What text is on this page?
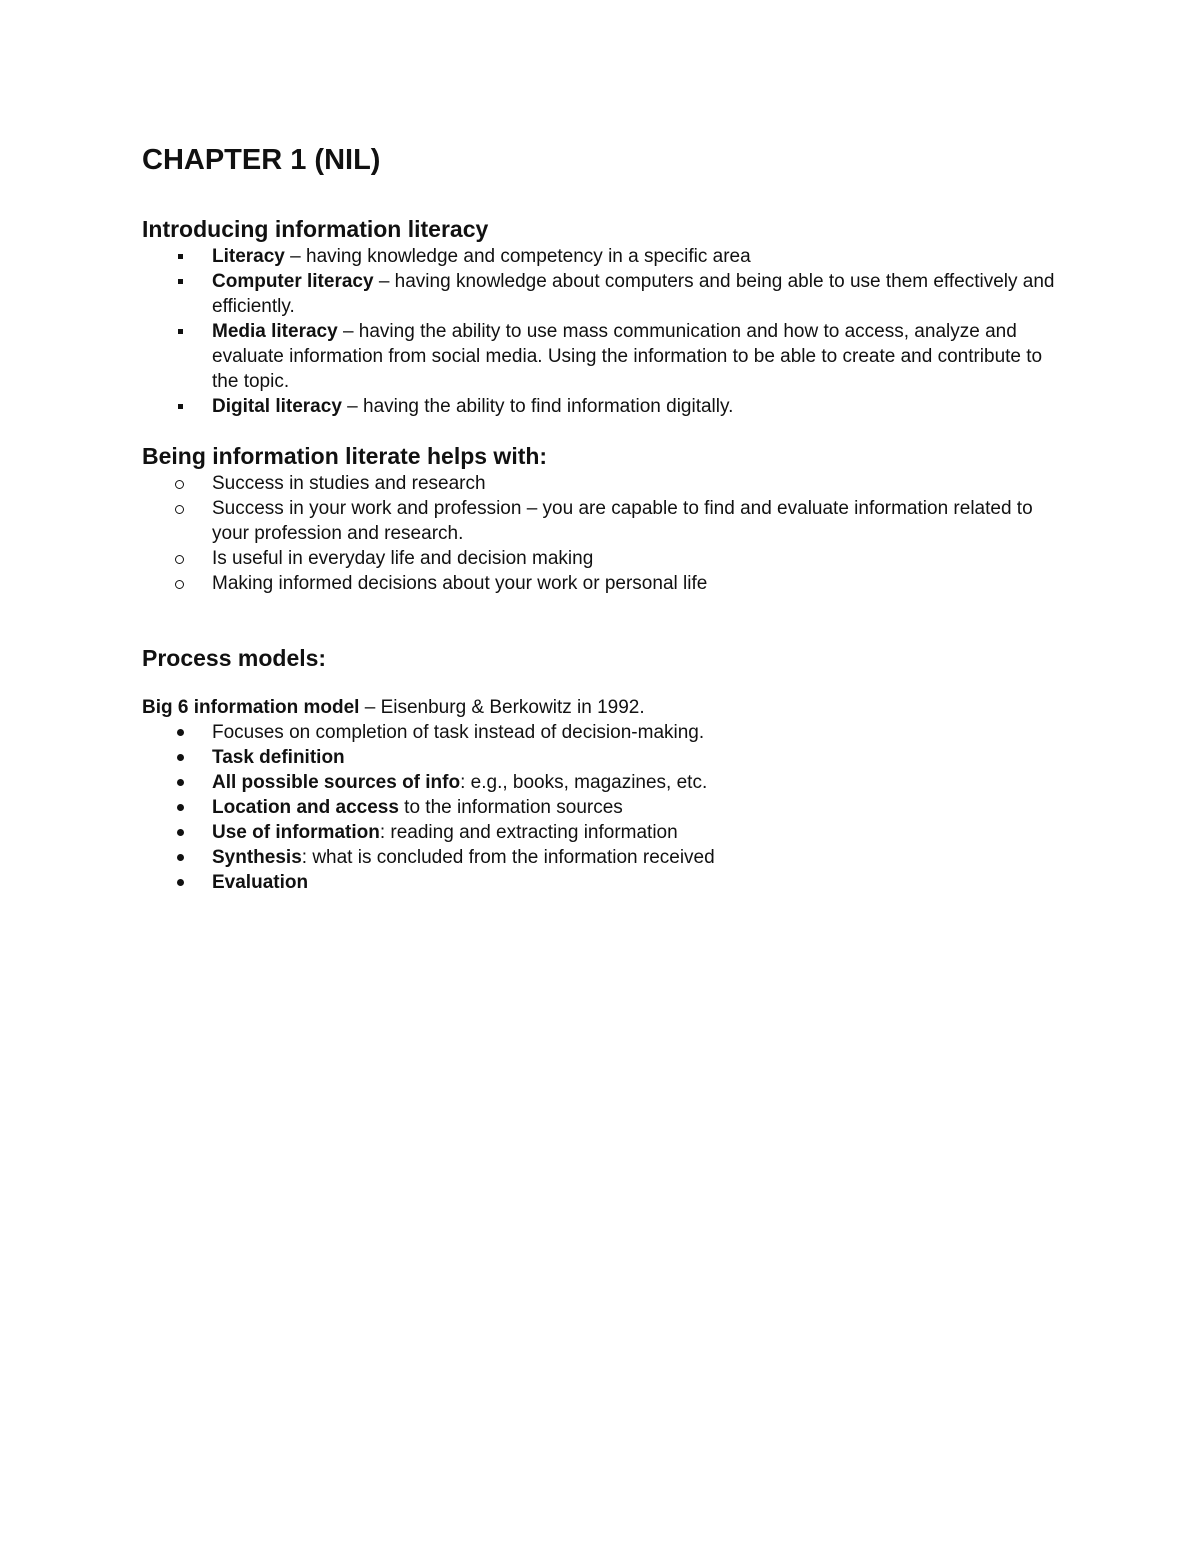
CHAPTER 1 (NIL)
Introducing information literacy
Literacy – having knowledge and competency in a specific area
Computer literacy – having knowledge about computers and being able to use them effectively and efficiently.
Media literacy – having the ability to use mass communication and how to access, analyze and evaluate information from social media. Using the information to be able to create and contribute to the topic.
Digital literacy – having the ability to find information digitally.
Being information literate helps with:
Success in studies and research
Success in your work and profession – you are capable to find and evaluate information related to your profession and research.
Is useful in everyday life and decision making
Making informed decisions about your work or personal life
Process models:

Big 6 information model – Eisenburg & Berkowitz in 1992.

Focuses on completion of task instead of decision-making.
Task definition
All possible sources of info: e.g., books, magazines, etc.
Location and access to the information sources
Use of information: reading and extracting information
Synthesis: what is concluded from the information received
Evaluation
